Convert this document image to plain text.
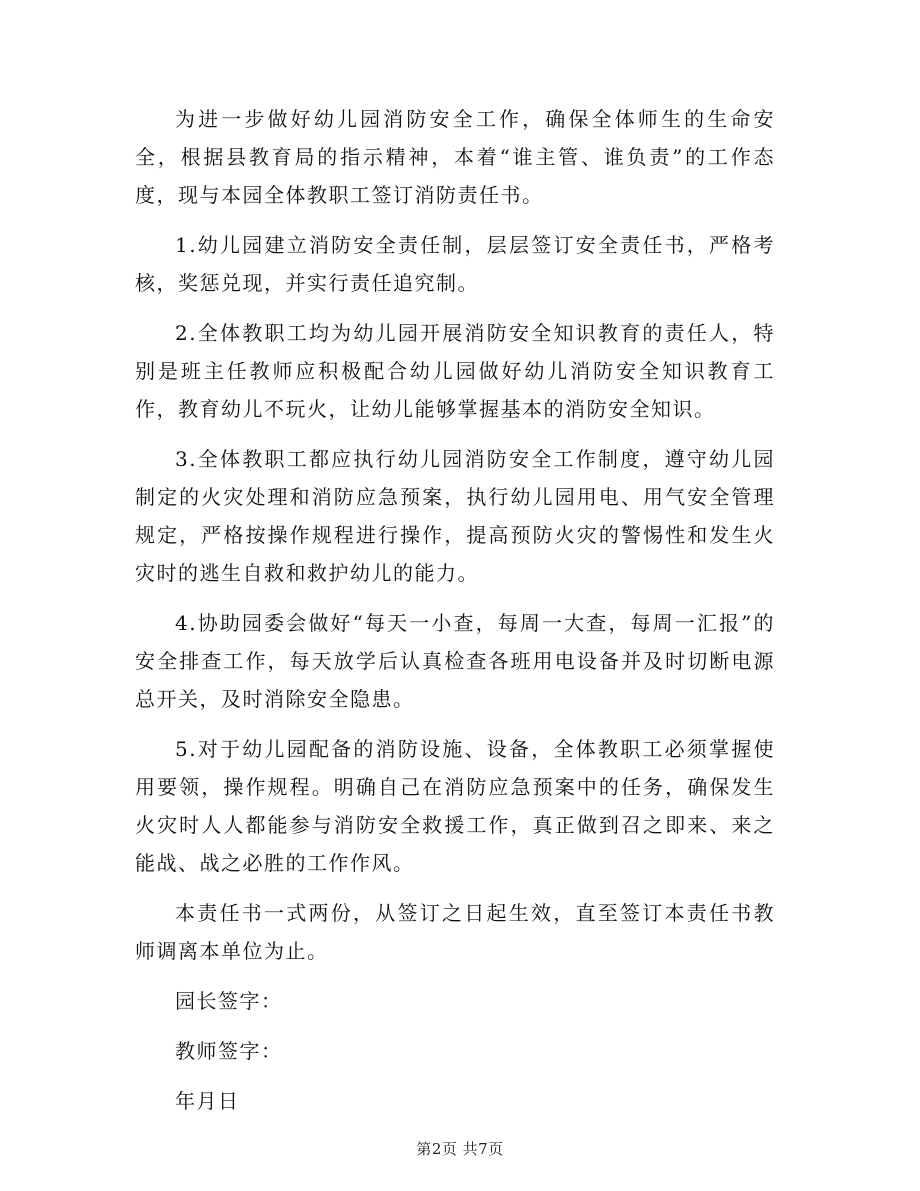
为进一步做好幼儿园消防安全工作，确保全体师生的生命安全，根据县教育局的指示精神，本着“谁主管、谁负责”的工作态度，现与本园全体教职工签订消防责任书。

1.幼儿园建立消防安全责任制，层层签订安全责任书，严格考核，奖惩兑现，并实行责任追究制。

2.全体教职工均为幼儿园开展消防安全知识教育的责任人，特别是班主任教师应积极配合幼儿园做好幼儿消防安全知识教育工作，教育幼儿不玩火，让幼儿能够掌握基本的消防安全知识。

3.全体教职工都应执行幼儿园消防安全工作制度，遵守幼儿园制定的火灾处理和消防应急预案，执行幼儿园用电、用气安全管理规定，严格按操作规程进行操作，提高预防火灾的警惕性和发生火灾时的逃生自救和救护幼儿的能力。

4.协助园委会做好“每天一小查，每周一大查，每周一汇报”的安全排查工作，每天放学后认真检查各班用电设备并及时切断电源总开关，及时消除安全隐患。

5.对于幼儿园配备的消防设施、设备，全体教职工必须掌握使用要领，操作规程。明确自己在消防应急预案中的任务，确保发生火灾时人人都能参与消防安全救援工作，真正做到召之即来、来之能战、战之必胜的工作作风。

本责任书一式两份，从签订之日起生效，直至签订本责任书教师调离本单位为止。

园长签字：

教师签字：

年月日

第2页 共7页
